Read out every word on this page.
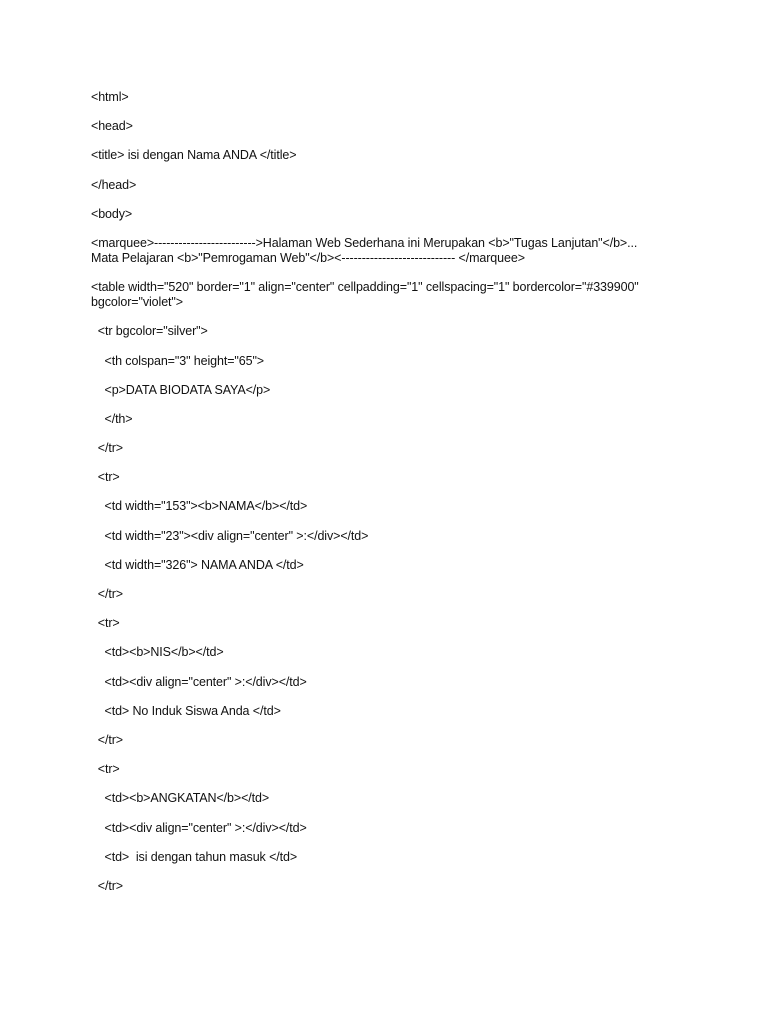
<html>
<head>
<title> isi dengan Nama ANDA </title>
</head>
<body>
<marquee>------------------------->Halaman Web Sederhana ini Merupakan <b>"Tugas Lanjutan"</b>...
Mata Pelajaran <b>"Pemrogaman Web"</b><---------------------------- </marquee>
<table width="520" border="1" align="center" cellpadding="1" cellspacing="1" bordercolor="#339900"
bgcolor="violet">
<tr bgcolor="silver">
<th colspan="3" height="65">
<p>DATA BIODATA SAYA</p>
</th>
</tr>
<tr>
<td width="153"><b>NAMA</b></td>
<td width="23"><div align="center" >:</div></td>
<td width="326"> NAMA ANDA </td>
</tr>
<tr>
<td><b>NIS</b></td>
<td><div align="center" >:</div></td>
<td> No Induk Siswa Anda </td>
</tr>
<tr>
<td><b>ANGKATAN</b></td>
<td><div align="center" >:</div></td>
<td>  isi dengan tahun masuk </td>
</tr>
